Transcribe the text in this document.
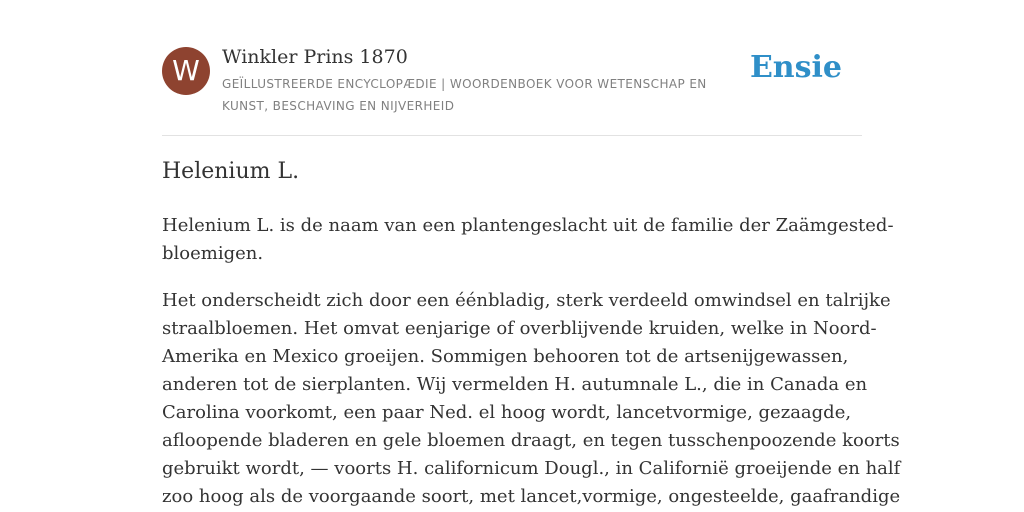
W	Winkler Prins 1870
GEÏLLUSTREERDE ENCYCLOPÆDIE | WOORDENBOEK VOOR WETENSCHAP EN KUNST, BESCHAVING EN NIJVERHEID
Ensie
Helenium L.

Helenium L. is de naam van een plantengeslacht uit de familie der Zaämgested-
bloemigen.

Het onderscheidt zich door een éénbladig, sterk verdeeld omwindsel en talrijke
straalbloemen. Het omvat eenjarige of overblijvende kruiden, welke in Noord-
Amerika en Mexico groeijen. Sommigen behooren tot de artsenijgewassen,
anderen tot de sierplanten. Wij vermelden H. autumnale L., die in Canada en
Carolina voorkomt, een paar Ned. el hoog wordt, lancetvormige, gezaagde,
afloopende bladeren en gele bloemen draagt, en tegen tusschenpoozende koorts
gebruikt wordt, — voorts H. californicum Dougl., in Californië groeijende en half
zoo hoog als de voorgaande soort, met lancet,vormige, ongesteelde, gaafrandige
